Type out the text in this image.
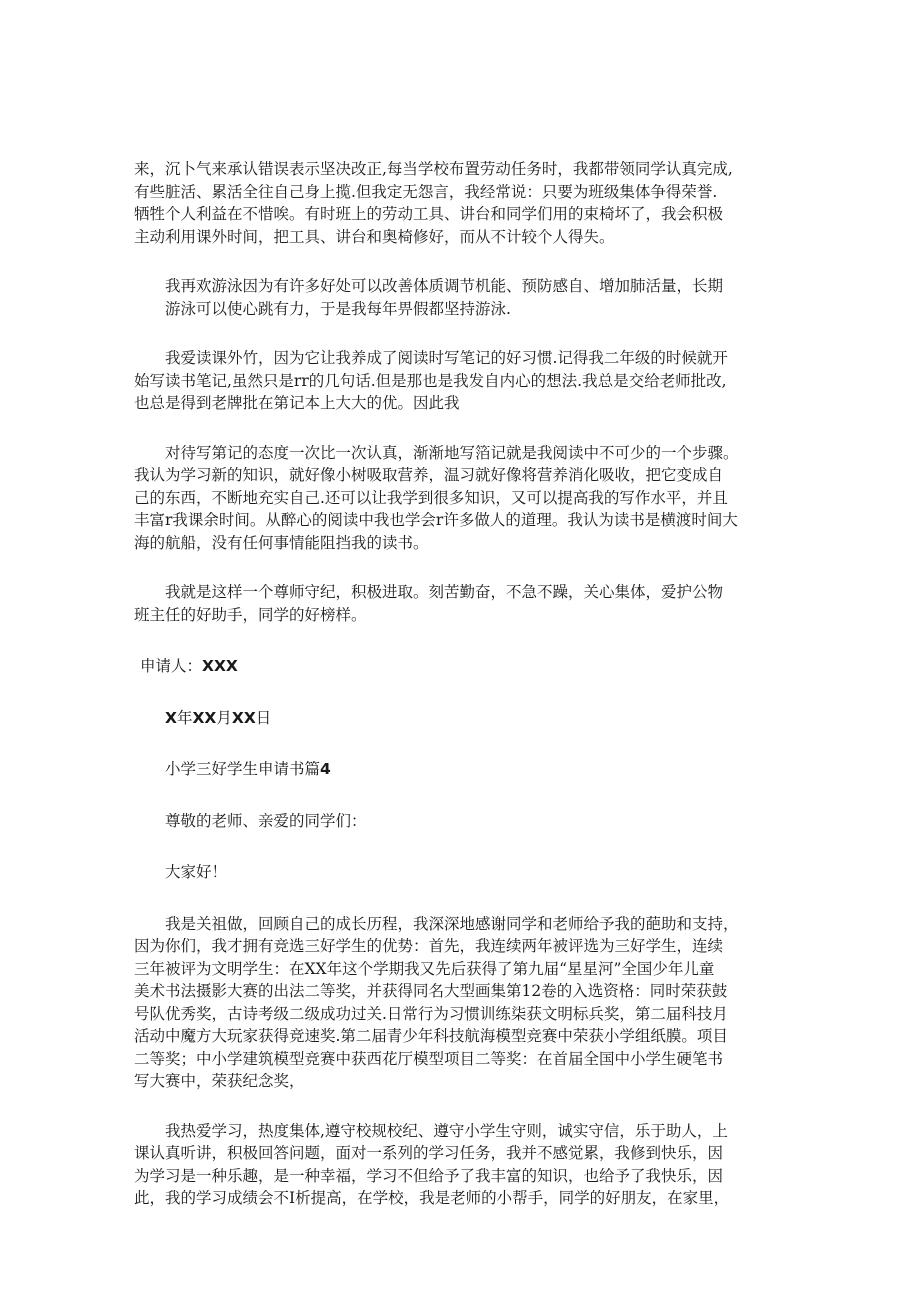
来，沉卜气来承认错误表示坚决改正,每当学校布置劳动任务时，我都带领同学认真完成,
有些脏活、累活全往自己身上揽.但我定无怨言，我经常说：只要为班级集体争得荣誉.
牺牲个人利益在不惜唉。有时班上的劳动工具、讲台和同学们用的束椅坏了，我会积极
主动利用课外时间，把工具、讲台和奥椅修好，而从不计较个人得失。

我再欢游泳因为有许多好处可以改善体质调节机能、预防感自、增加肺活量，长期
游泳可以使心跳有力，于是我每年畀假都坚持游泳.

我爱读课外竹，因为它让我养成了阅读时写笔记的好习惯.记得我二年级的时候就开
始写读书笔记,虽然只是rr的几句话.但是那也是我发自内心的想法.我总是交给老师批改,
也总是得到老牌批在第记本上大大的优。因此我

对待写第记的态度一次比一次认真，渐渐地写箔记就是我阅读中不可少的一个步骤。
我认为学习新的知识，就好像小树吸取营养，温习就好像将营养消化吸收，把它变成自
己的东西，不断地充实自己.还可以让我学到很多知识，又可以提高我的写作水平，并且
丰富r我课余时间。从醉心的阅读中我也学会r许多做人的道理。我认为读书是横渡时间大
海的航船，没有任何事情能阻挡我的读书。

我就是这样一个尊师守纪，积极进取。刻苦勤奋，不急不躁，关心集体，爱护公物
班主任的好助手，同学的好榜样。

申请人：XXX

X年XX月XX日

小学三好学生申请书篇4

尊敬的老师、亲爱的同学们：

大家好！

我是关祖做，回顾自己的成长历程，我深深地感谢同学和老师给予我的葩助和支持，
因为你们，我才拥有竞选三好学生的优势：首先，我连续两年被评选为三好学生，连续
三年被评为文明学生：在XX年这个学期我又先后获得了第九届“星星河”全国少年儿童
美术书法摄影大赛的出法二等奖，并获得同名大型画集第12卷的入选资格：同时荣获鼓
号队优秀奖，古诗考级二级成功过关.日常行为习惯训练柒获文明标兵奖，第二届科技月
活动中魔方大玩家获得竞速奖.第二届青少年科技航海模型竞赛中荣获小学组纸膜。项目
二等奖；中小学建筑模型竞赛中获西花厅模型项目二等奖：在首届全国中小学生硬笔书
写大赛中，荣获纪念奖，

我热爱学习，热度集体,遵守校规校纪、遵守小学生守则，诚实守信，乐于助人，上
课认真听讲，积极回答问题，面对一系列的学习任务，我并不感觉累，我修到快乐，因
为学习是一种乐趣，是一种幸福，学习不但给予了我丰富的知识，也给予了我快乐，因
此，我的学习成绩会不I析提高，在学校，我是老师的小帮手，同学的好朋友，在家里，
